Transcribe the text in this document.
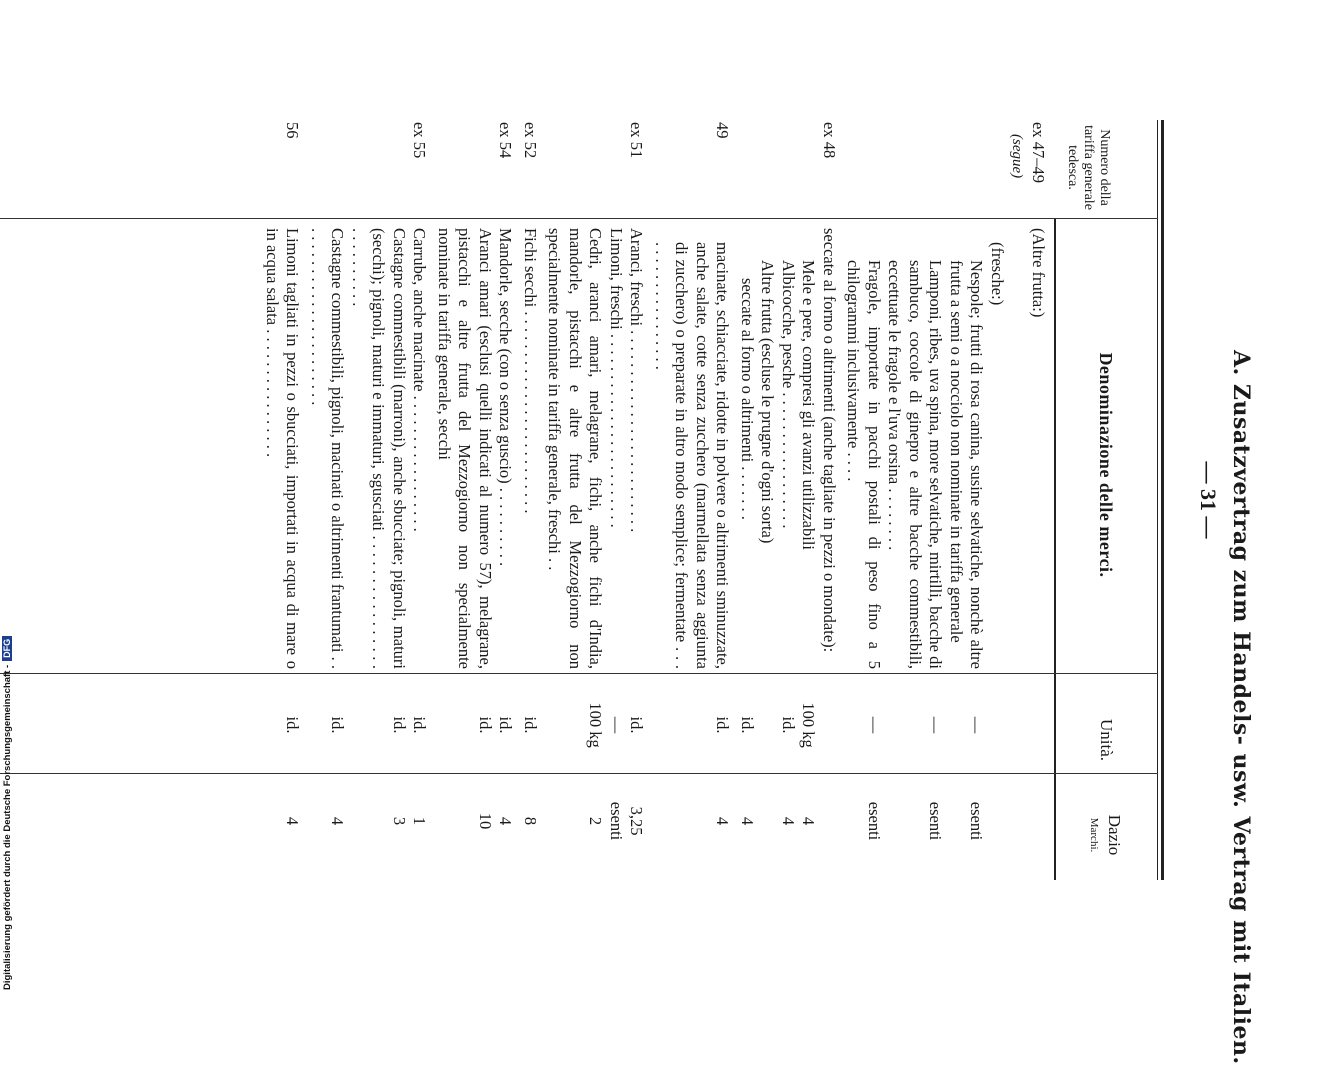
A. Zusatzvertrag zum Handels- usw. Vertrag mit Italien.
— 31 —
Numero della tariffa generale tedesca.
Denominazione delle merci.
Unità.
Dazio
Marchi.
ex 47–49
(segue)
(Altre frutta:)
(fresche:)
Nespole; frutti di rosa canina, susine selvatiche, nonchè altre frutta a semi o a nocciolo non nominate in tariffa generale
—
esenti
Lamponi, ribes, uva spina, more selvatiche, mirtilli, bacche di sambuco, coccole di ginepro e altre bacche commestibili, eccettuate le fragole e l'uva orsina . . . . . . . .
—
esenti
Fragole, importate in pacchi postali di peso fino a 5 chilogrammi inclusivamente . . . .
—
esenti
ex 48
seccate al forno o altrimenti (anche tagliate in pezzi o mondate):
Mele e pere, compresi gli avanzi utilizzabili
100 kg
4
Albicocche, pesche . . . . . . . . . . . . . . . . .
id.
4
Altre frutta (escluse le prugne d'ogni sorta)
seccate al forno o altrimenti . . . . . . .
id.
4
49
macinate, schiacciate, ridotte in polvere o altrimenti sminuzzate, anche salate, cotte senza zucchero (marmellata senza aggiunta di zucchero) o preparate in altro modo semplice; fermentate . . . . . . . . . . . . . . . . . . .
id.
4
ex 51
Aranci, freschi . . . . . . . . . . . . . . . . . . . . . . . . .
id.
3,25
Limoni, freschi . . . . . . . . . . . . . . . . . . . . . . . .
—
esenti
Cedri, aranci amari, melagrane, fichi, anche fichi d'India, mandorle, pistacchi e altre frutta del Mezzogiorno non specialmente nominate in tariffa generale, freschi . .
100 kg
2
ex 52
Fichi secchi . . . . . . . . . . . . . . . . . . . . . . . . .
id.
8
ex 54
Mandorle, secche (con o senza guscio) . . . . . . . . . .
id.
4
Aranci amari (esclusi quelli indicati al numero 57), melagrane, pistacchi e altre frutta del Mezzogiorno non specialmente nominate in tariffa generale, secchi
id.
10
ex 55
Carrube, anche macinate . . . . . . . . . . . . . . . . .
id.
1
Castagne commestibili (marroni), anche sbucciate; pignoli, maturi (secchi); pignoli, maturi e immaturi, sgusciati . . . . . . . . . . . . . . . . . . . . . . . . . .
id.
3
Castagne commestibili, pignoli, macinati o altrimenti frantumati . . . . . . . . . . . . . . . . . . . . . . . .
id.
4
56
Limoni tagliati in pezzi o sbucciati, importati in acqua di mare o in acqua salata . . . . . . . . . . . . . . . .
id.
4
Digitalisierung gefördert durch die Deutsche Forschungsgemeinschaft -DFG
